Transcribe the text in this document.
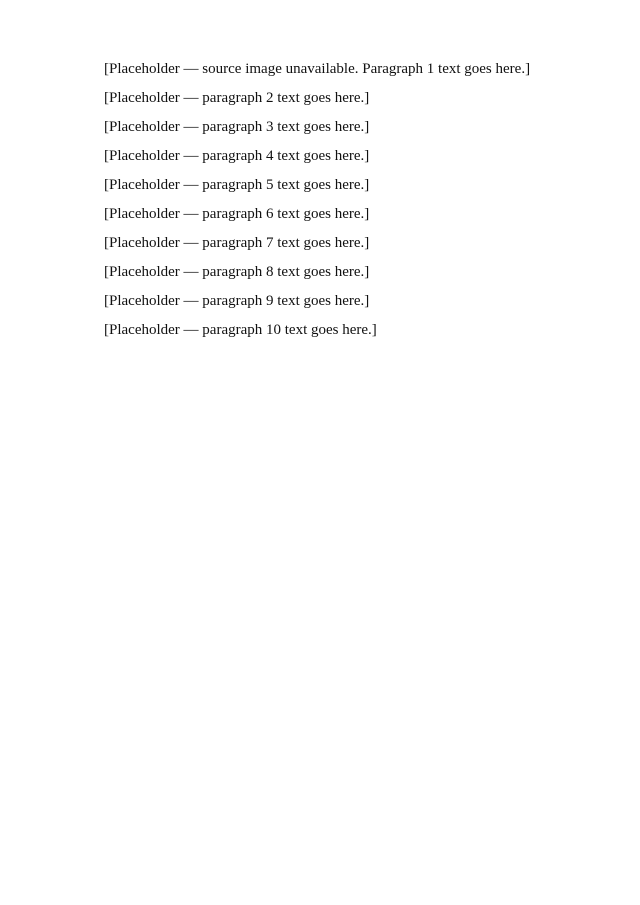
[Placeholder — source image unavailable. Paragraph 1 text goes here.]

[Placeholder — paragraph 2 text goes here.]

[Placeholder — paragraph 3 text goes here.]

[Placeholder — paragraph 4 text goes here.]

[Placeholder — paragraph 5 text goes here.]

[Placeholder — paragraph 6 text goes here.]

[Placeholder — paragraph 7 text goes here.]

[Placeholder — paragraph 8 text goes here.]

[Placeholder — paragraph 9 text goes here.]

[Placeholder — paragraph 10 text goes here.]
